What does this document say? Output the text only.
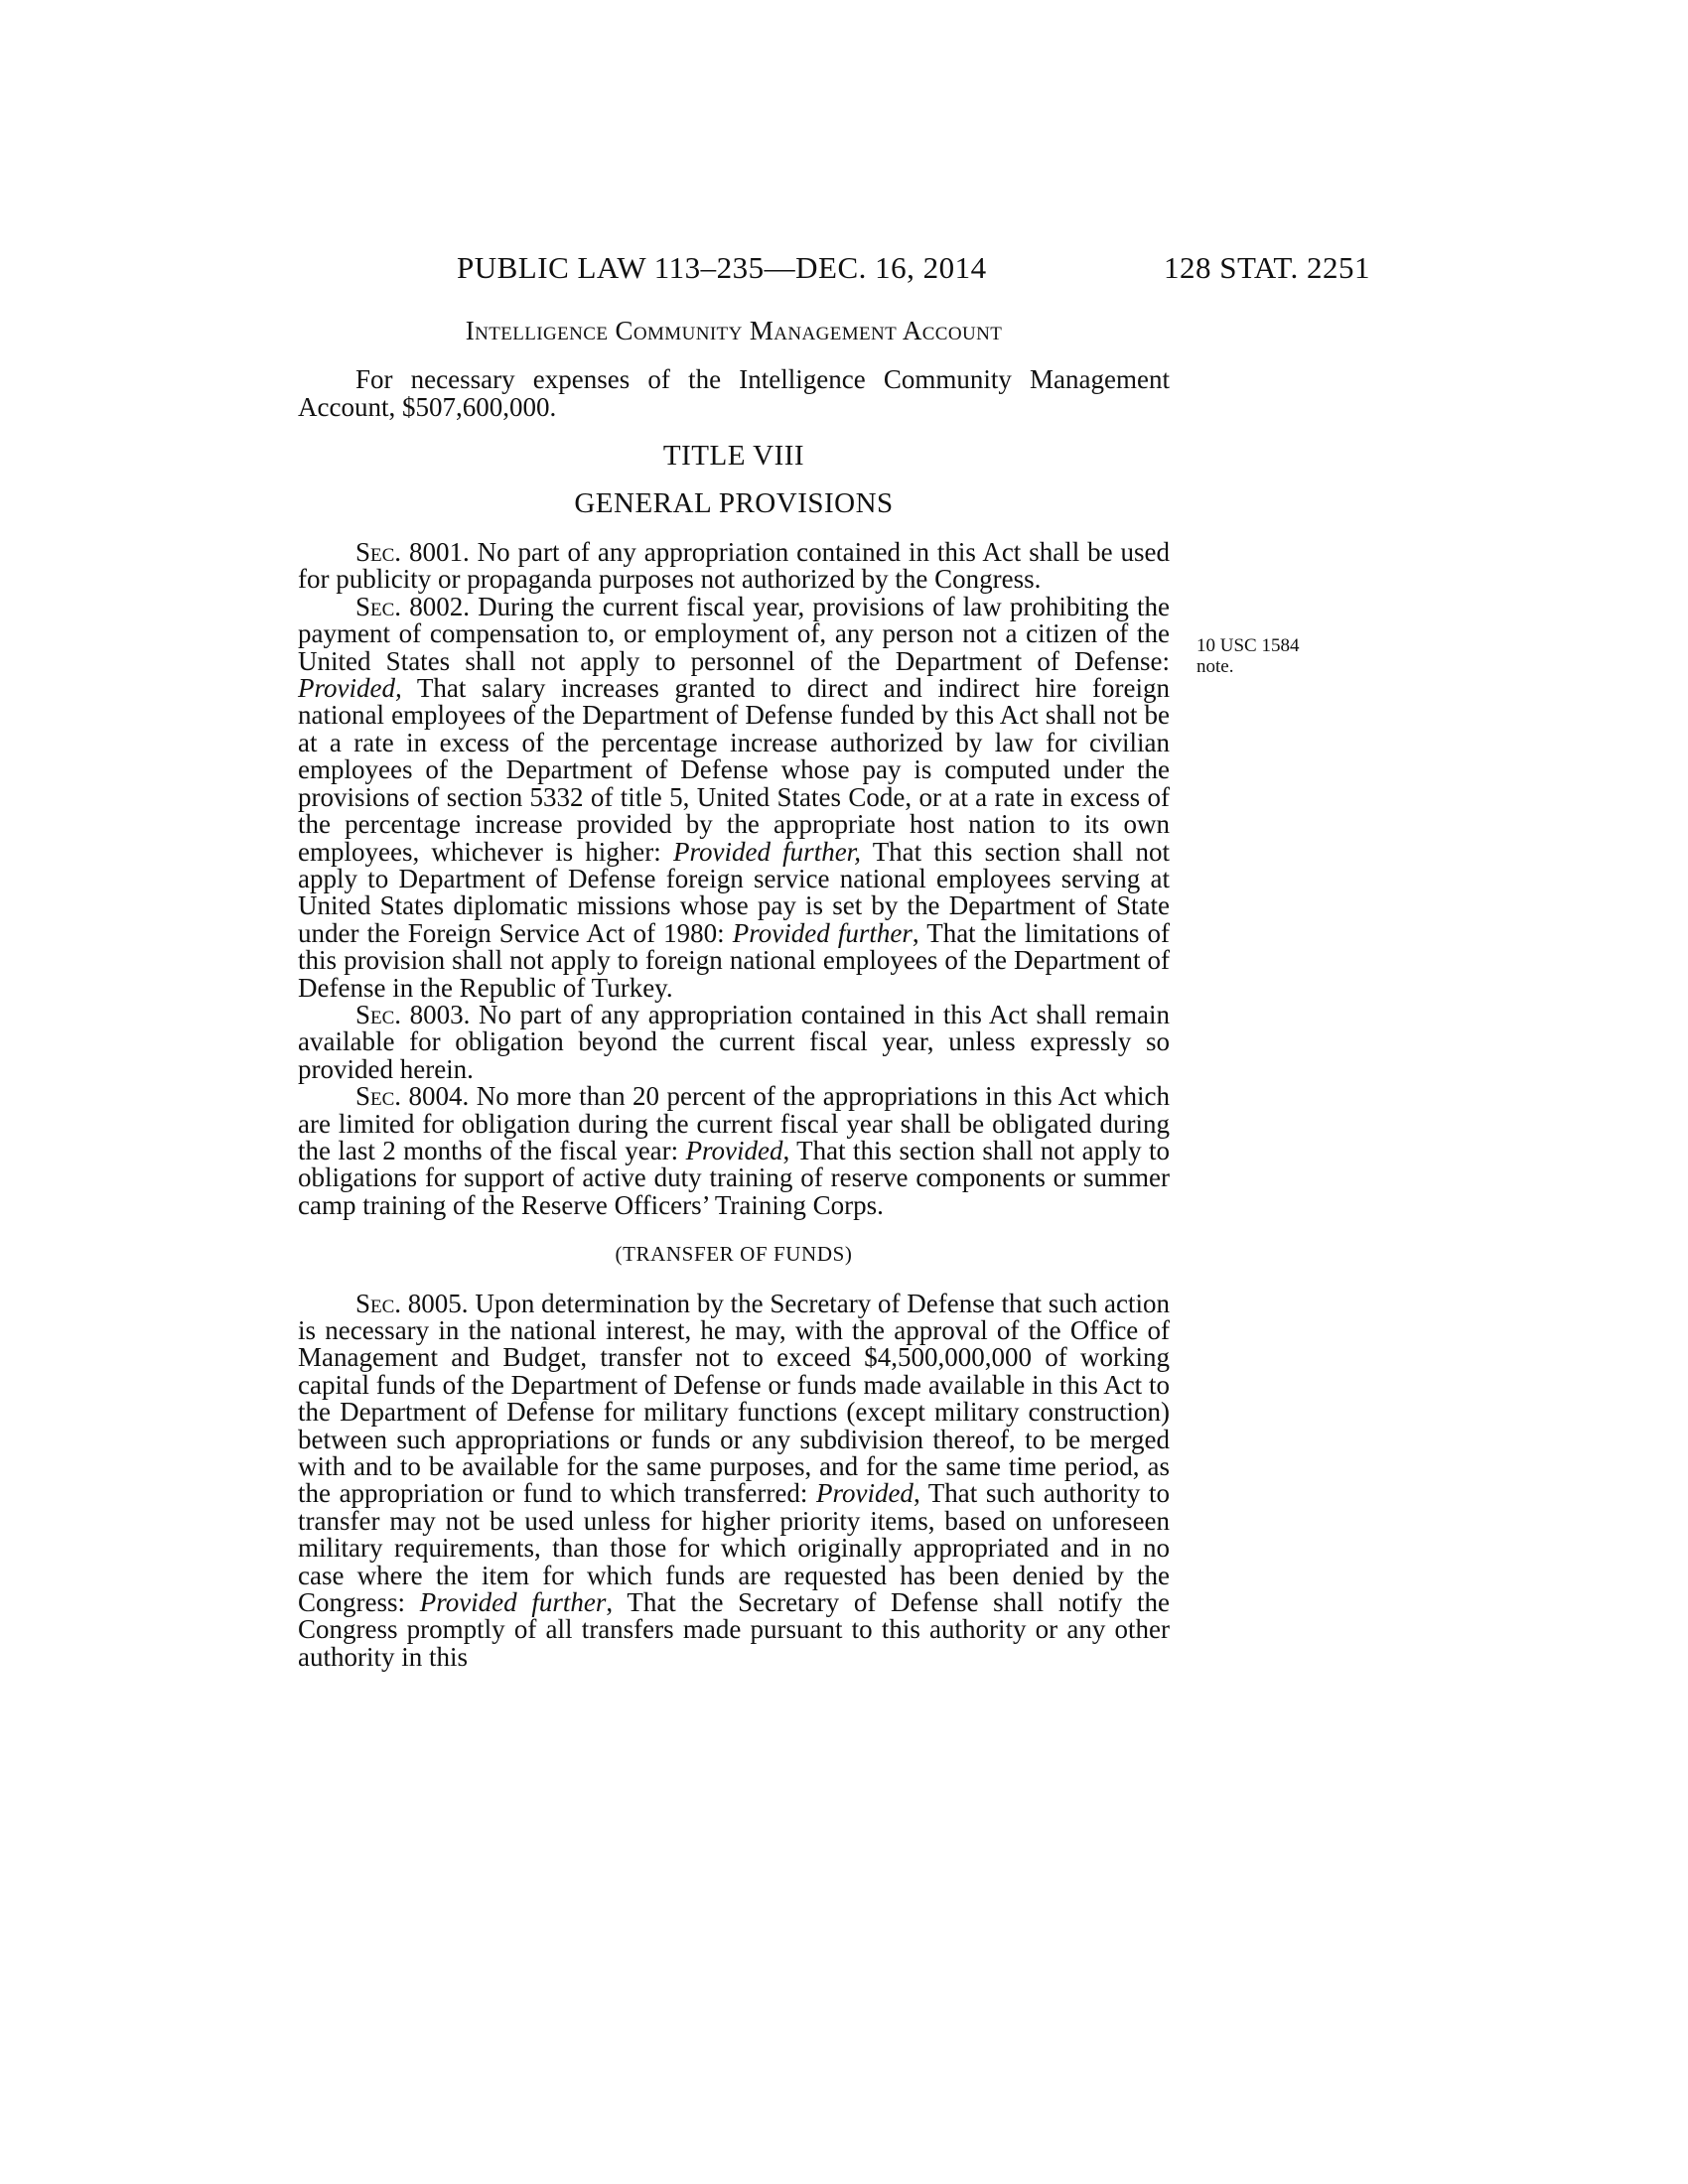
PUBLIC LAW 113–235—DEC. 16, 2014	128 STAT. 2251
Intelligence Community Management Account

For necessary expenses of the Intelligence Community Management Account, $507,600,000.

TITLE VIII
GENERAL PROVISIONS

Sec. 8001. No part of any appropriation contained in this Act shall be used for publicity or propaganda purposes not authorized by the Congress.

Sec. 8002. During the current fiscal year, provisions of law prohibiting the payment of compensation to, or employment of, any person not a citizen of the United States shall not apply to personnel of the Department of Defense: Provided, That salary increases granted to direct and indirect hire foreign national employees of the Department of Defense funded by this Act shall not be at a rate in excess of the percentage increase authorized by law for civilian employees of the Department of Defense whose pay is computed under the provisions of section 5332 of title 5, United States Code, or at a rate in excess of the percentage increase provided by the appropriate host nation to its own employees, whichever is higher: Provided further, That this section shall not apply to Department of Defense foreign service national employees serving at United States diplomatic missions whose pay is set by the Department of State under the Foreign Service Act of 1980: Provided further, That the limitations of this provision shall not apply to foreign national employees of the Department of Defense in the Republic of Turkey.

Sec. 8003. No part of any appropriation contained in this Act shall remain available for obligation beyond the current fiscal year, unless expressly so provided herein.

Sec. 8004. No more than 20 percent of the appropriations in this Act which are limited for obligation during the current fiscal year shall be obligated during the last 2 months of the fiscal year: Provided, That this section shall not apply to obligations for support of active duty training of reserve components or summer camp training of the Reserve Officers’ Training Corps.

(TRANSFER OF FUNDS)

Sec. 8005. Upon determination by the Secretary of Defense that such action is necessary in the national interest, he may, with the approval of the Office of Management and Budget, transfer not to exceed $4,500,000,000 of working capital funds of the Department of Defense or funds made available in this Act to the Department of Defense for military functions (except military construction) between such appropriations or funds or any subdivision thereof, to be merged with and to be available for the same purposes, and for the same time period, as the appropriation or fund to which transferred: Provided, That such authority to transfer may not be used unless for higher priority items, based on unforeseen military requirements, than those for which originally appropriated and in no case where the item for which funds are requested has been denied by the Congress: Provided further, That the Secretary of Defense shall notify the Congress promptly of all transfers made pursuant to this authority or any other authority in this

10 USC 1584
note.
